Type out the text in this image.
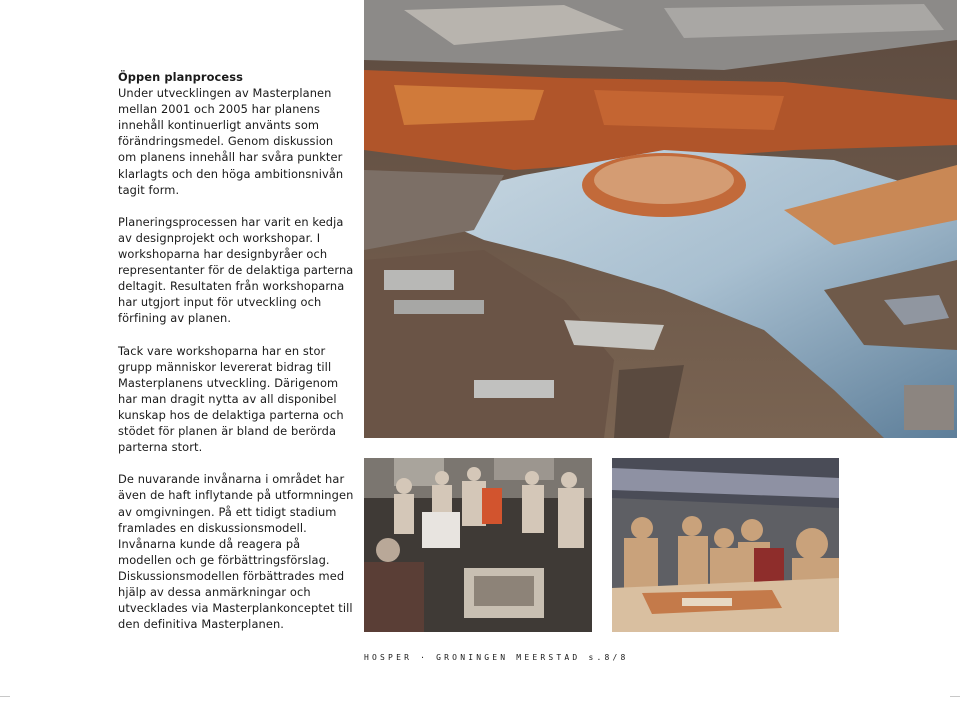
Öppen planprocess
Under utvecklingen av Masterplanen mellan 2001 och 2005 har planens innehåll kontinuerligt använts som förändringsmedel. Genom diskussion om planens innehåll har svåra punkter klarlagts och den höga ambitionsnivån tagit form.

Planeringsprocessen har varit en kedja av designprojekt och workshopar. I workshoparna har designbyråer och representanter för de delaktiga parterna deltagit. Resultaten från workshoparna har utgjort input för utveckling och förfining av planen.

Tack vare workshoparna har en stor grupp människor levererat bidrag till Masterplanens utveckling. Därigenom har man dragit nytta av all disponibel kunskap hos de delaktiga parterna och stödet för planen är bland de berörda parterna stort.

De nuvarande invånarna i området har även de haft inflytande på utformningen av omgivningen. På ett tidigt stadium framlades en diskussionsmodell. Invånarna kunde då reagera på modellen och ge förbättringsförslag. Diskussionsmodellen förbättrades med hjälp av dessa anmärkningar och utvecklades via Masterplankonceptet till den definitiva Masterplanen.

HOSPER · GRONINGEN MEERSTAD s.8/8
